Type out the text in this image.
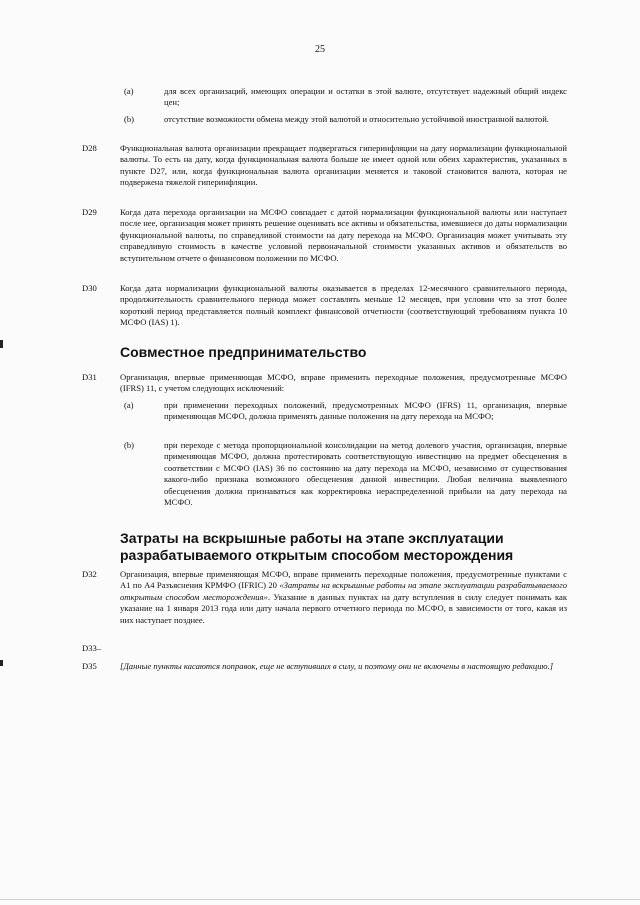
25
(a)	для всех организаций, имеющих операции и остатки в этой валюте, отсутствует надежный общий индекс цен;
(b)	отсутствие возможности обмена между этой валютой и относительно устойчивой иностранной валютой.
D28	Функциональная валюта организации прекращает подвергаться гиперинфляции на дату нормализации функциональной валюты. То есть на дату, когда функциональная валюта больше не имеет одной или обеих характеристик, указанных в пункте D27, или, когда функциональная валюта организации меняется и таковой становится валюта, которая не подвержена тяжелой гиперинфляции.
D29	Когда дата перехода организации на МСФО совпадает с датой нормализации функциональной валюты или наступает после нее, организация может принять решение оценивать все активы и обязательства, имевшиеся до даты нормализации функциональной валюты, по справедливой стоимости на дату перехода на МСФО. Организация может учитывать эту справедливую стоимость в качестве условной первоначальной стоимости указанных активов и обязательств во вступительном отчете о финансовом положении по МСФО.
D30	Когда дата нормализации функциональной валюты оказывается в пределах 12-месячного сравнительного периода, продолжительность сравнительного периода может составлять меньше 12 месяцев, при условии что за этот более короткий период представляется полный комплект финансовой отчетности (соответствующий требованиям пункта 10 МСФО (IAS) 1).
Совместное предпринимательство
D31	Организация, впервые применяющая МСФО, вправе применить переходные положения, предусмотренные МСФО (IFRS) 11, с учетом следующих исключений:
(a)	при применении переходных положений, предусмотренных МСФО (IFRS) 11, организация, впервые применяющая МСФО, должна применять данные положения на дату перехода на МСФО;
(b)	при переходе с метода пропорциональной консолидации на метод долевого участия, организация, впервые применяющая МСФО, должна протестировать соответствующую инвестицию на предмет обесценения в соответствии с МСФО (IAS) 36 по состоянию на дату перехода на МСФО, независимо от существования какого-либо признака возможного обесценения данной инвестиции. Любая величина выявленного обесценения должна признаваться как корректировка нераспределенной прибыли на дату перехода на МСФО.
Затраты на вскрышные работы на этапе эксплуатации разрабатываемого открытым способом месторождения
D32	Организация, впервые применяющая МСФО, вправе применить переходные положения, предусмотренные пунктами с А1 по А4 Разъяснения КРМФО (IFRIC) 20 «Затраты на вскрышные работы на этапе эксплуатации разрабатываемого открытым способом месторождения». Указание в данных пунктах на дату вступления в силу следует понимать как указание на 1 января 2013 года или дату начала первого отчетного периода по МСФО, в зависимости от того, какая из них наступает позднее.
D33–
D35	[Данные пункты касаются поправок, еще не вступивших в силу, и поэтому они не включены в настоящую редакцию.]
